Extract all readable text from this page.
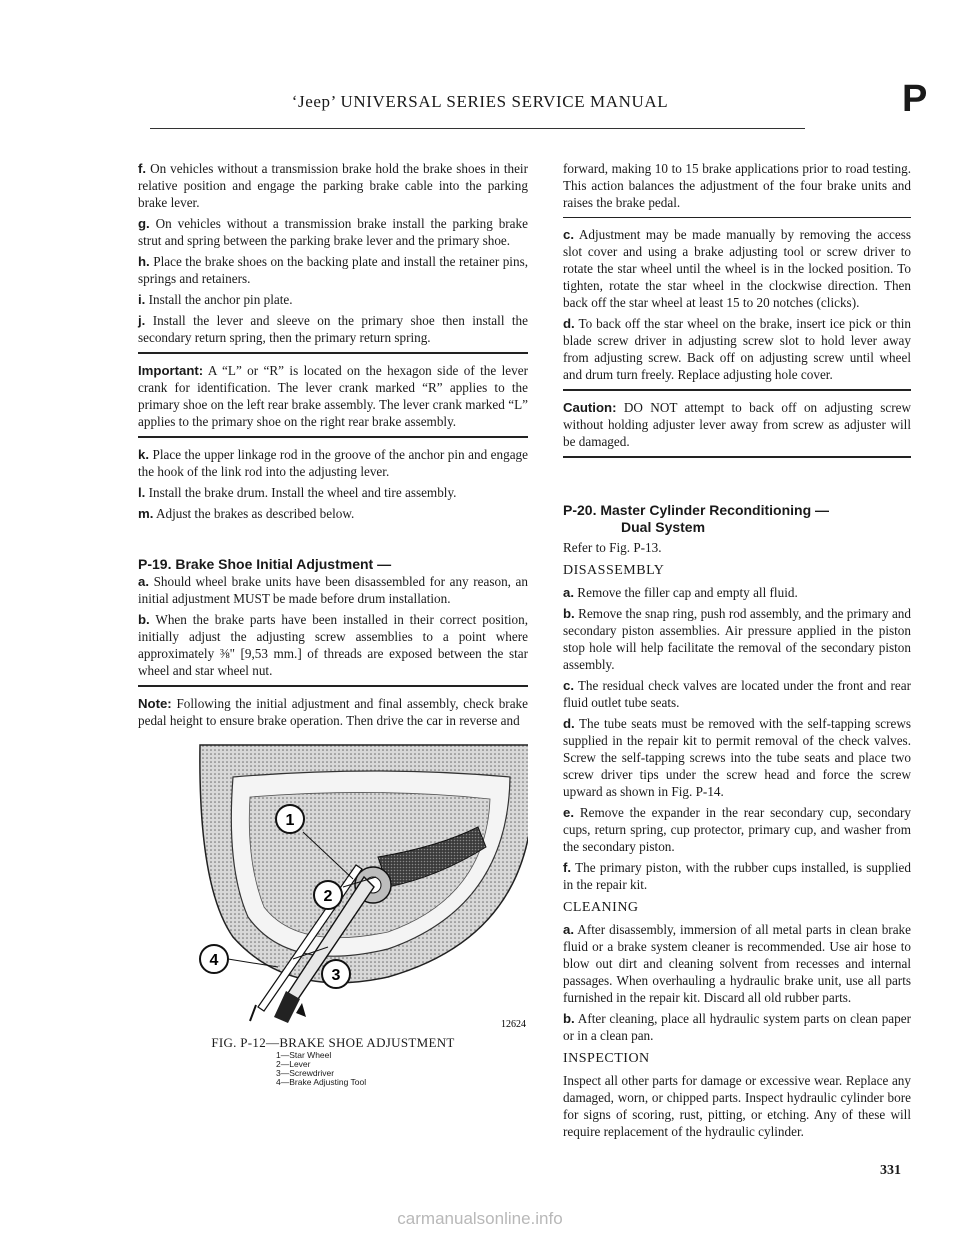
‘Jeep’ UNIVERSAL SERIES SERVICE MANUAL	P

f. On vehicles without a transmission brake hold the brake shoes in their relative position and engage the parking brake cable into the parking brake lever.

g. On vehicles without a transmission brake install the parking brake strut and spring between the parking brake lever and the primary shoe.

h. Place the brake shoes on the backing plate and install the retainer pins, springs and retainers.

i. Install the anchor pin plate.

j. Install the lever and sleeve on the primary shoe then install the secondary return spring, then the primary return spring.

Important: A “L” or “R” is located on the hexagon side of the lever crank for identification. The lever crank marked “R” applies to the primary shoe on the left rear brake assembly. The lever crank marked “L” applies to the primary shoe on the right rear brake assembly.

k. Place the upper linkage rod in the groove of the anchor pin and engage the hook of the link rod into the adjusting lever.

l. Install the brake drum. Install the wheel and tire assembly.

m. Adjust the brakes as described below.

P-19. Brake Shoe Initial Adjustment —

a. Should wheel brake units have been disassembled for any reason, an initial adjustment MUST be made before drum installation.

b. When the brake parts have been installed in their correct position, initially adjust the adjusting screw assemblies to a point where approximately ⅜" [9,53 mm.] of threads are exposed between the star wheel and star wheel nut.

Note: Following the initial adjustment and final assembly, check brake pedal height to ensure brake operation. Then drive the car in reverse and

1
2
3
4
12624
FIG. P-12—BRAKE SHOE ADJUSTMENT
1—Star Wheel
2—Lever
3—Screwdriver
4—Brake Adjusting Tool

forward, making 10 to 15 brake applications prior to road testing. This action balances the adjustment of the four brake units and raises the brake pedal.

c. Adjustment may be made manually by removing the access slot cover and using a brake adjusting tool or screw driver to rotate the star wheel until the wheel is in the locked position. To tighten, rotate the star wheel in the clockwise direction. Then back off the star wheel at least 15 to 20 notches (clicks).

d. To back off the star wheel on the brake, insert ice pick or thin blade screw driver in adjusting screw slot to hold lever away from adjusting screw. Back off on adjusting screw until wheel and drum turn freely. Replace adjusting hole cover.

Caution: DO NOT attempt to back off on adjusting screw without holding adjuster lever away from screw as adjuster will be damaged.

P-20. Master Cylinder Reconditioning —

Dual System

Refer to Fig. P-13.

DISASSEMBLY

a. Remove the filler cap and empty all fluid.

b. Remove the snap ring, push rod assembly, and the primary and secondary piston assemblies. Air pressure applied in the piston stop hole will help facilitate the removal of the secondary piston assembly.

c. The residual check valves are located under the front and rear fluid outlet tube seats.

d. The tube seats must be removed with the self-tapping screws supplied in the repair kit to permit removal of the check valves. Screw the self-tapping screws into the tube seats and place two screw driver tips under the screw head and force the screw upward as shown in Fig. P-14.

e. Remove the expander in the rear secondary cup, secondary cups, return spring, cup protector, primary cup, and washer from the secondary piston.

f. The primary piston, with the rubber cups installed, is supplied in the repair kit.

CLEANING

a. After disassembly, immersion of all metal parts in clean brake fluid or a brake system cleaner is recommended. Use air hose to blow out dirt and cleaning solvent from recesses and internal passages. When overhauling a hydraulic brake unit, use all parts furnished in the repair kit. Discard all old rubber parts.

b. After cleaning, place all hydraulic system parts on clean paper or in a clean pan.

INSPECTION

Inspect all other parts for damage or excessive wear. Replace any damaged, worn, or chipped parts. Inspect hydraulic cylinder bore for signs of scoring, rust, pitting, or etching. Any of these will require replacement of the hydraulic cylinder.

331
carmanualsonline.info
